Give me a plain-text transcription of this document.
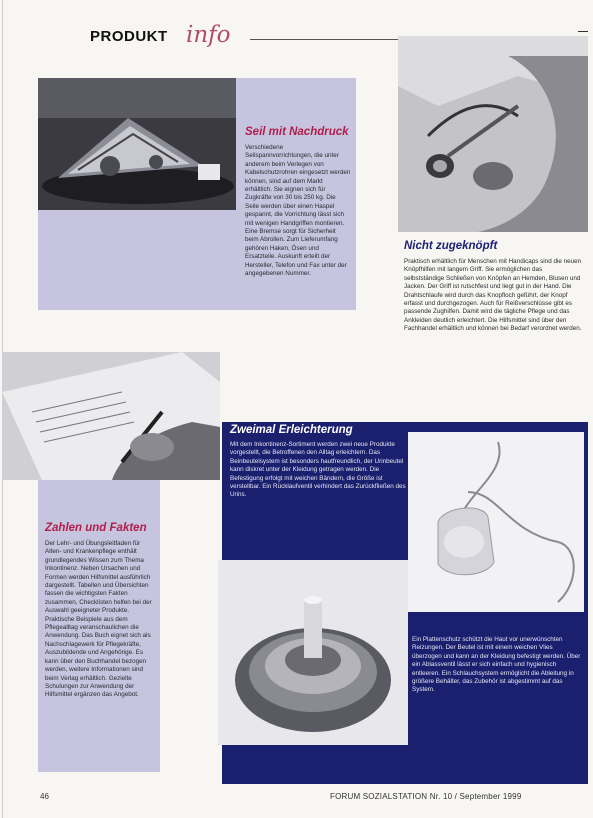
PRODUKT info
Seil mit Nachdruck

Verschiedene Seilspannvorrichtungen, die unter anderem beim Verlegen von Kabelschutzrohren eingesetzt werden können, sind auf dem Markt erhältlich. Sie eignen sich für Zugkräfte von 30 bis 250 kg. Die Seile werden über einen Haspel gespannt, die Vorrichtung lässt sich mit wenigen Handgriffen montieren. Eine Bremse sorgt für Sicherheit beim Abrollen. Zum Lieferumfang gehören Haken, Ösen und Ersatzteile. Auskunft erteilt der Hersteller, Telefon und Fax unter der angegebenen Nummer.

Nicht zugeknöpft

Praktisch erhältlich für Menschen mit Handicaps sind die neuen Knöpfhilfen mit langem Griff. Sie ermöglichen das selbstständige Schließen von Knöpfen an Hemden, Blusen und Jacken. Der Griff ist rutschfest und liegt gut in der Hand. Die Drahtschlaufe wird durch das Knopfloch geführt, der Knopf erfasst und durchgezogen. Auch für Reißverschlüsse gibt es passende Zughilfen. Damit wird die tägliche Pflege und das Ankleiden deutlich erleichtert. Die Hilfsmittel sind über den Fachhandel erhältlich und können bei Bedarf verordnet werden.

Zahlen und Fakten

Der Lehr- und Übungsleitfaden für Alten- und Krankenpflege enthält grundlegendes Wissen zum Thema Inkontinenz. Neben Ursachen und Formen werden Hilfsmittel ausführlich dargestellt. Tabellen und Übersichten fassen die wichtigsten Fakten zusammen, Checklisten helfen bei der Auswahl geeigneter Produkte. Praktische Beispiele aus dem Pflegealltag veranschaulichen die Anwendung. Das Buch eignet sich als Nachschlagewerk für Pflegekräfte, Auszubildende und Angehörige. Es kann über den Buchhandel bezogen werden, weitere Informationen sind beim Verlag erhältlich. Gezielte Schulungen zur Anwendung der Hilfsmittel ergänzen das Angebot.

Zweimal Erleichterung

Mit dem Inkontinenz-Sortiment werden zwei neue Produkte vorgestellt, die Betroffenen den Alltag erleichtern. Das Beinbeutelsystem ist besonders hautfreundlich, der Urinbeutel kann diskret unter der Kleidung getragen werden. Die Befestigung erfolgt mit weichen Bändern, die Größe ist verstellbar. Ein Rücklaufventil verhindert das Zurückfließen des Urins.

Ein Plattenschutz schützt die Haut vor unerwünschten Reizungen. Der Beutel ist mit einem weichen Vlies überzogen und kann an der Kleidung befestigt werden. Über ein Ablassventil lässt er sich einfach und hygienisch entleeren. Ein Schlauchsystem ermöglicht die Ableitung in größere Behälter, das Zubehör ist abgestimmt auf das System.

46	FORUM SOZIALSTATION Nr. 10 / September 1999
